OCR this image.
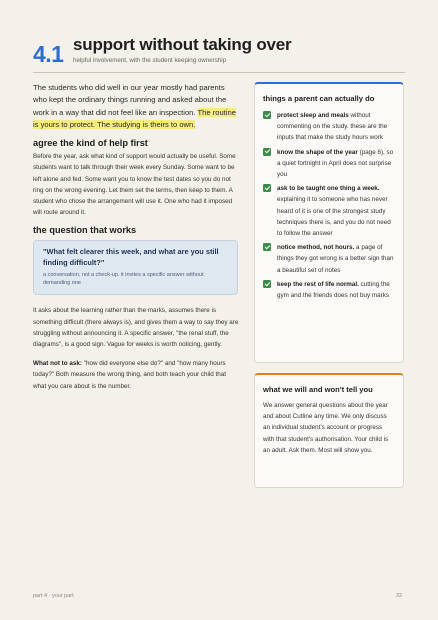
4.1 support without taking over
helpful involvement, with the student keeping ownership

The students who did well in our year mostly had parents who kept the ordinary things running and asked about the work in a way that did not feel like an inspection. The routine is yours to protect. The studying is theirs to own.

agree the kind of help first

Before the year, ask what kind of support would actually be useful. Some students want to talk through their week every Sunday. Some want to be left alone and fed. Some want you to know the test dates so you do not ring on the wrong evening. Let them set the terms, then keep to them. A student who chose the arrangement will use it. One who had it imposed will route around it.

the question that works
"What felt clearer this week, and what are you still finding difficult?"
a conversation, not a check-up. it invites a specific answer without demanding one

It asks about the learning rather than the marks, assumes there is something difficult (there always is), and gives them a way to say they are struggling without announcing it. A specific answer, "the renal stuff, the diagrams", is a good sign. Vague for weeks is worth noticing, gently.

What not to ask: "how did everyone else do?" and "how many hours today?" Both measure the wrong thing, and both teach your child that what you care about is the number.

things a parent can actually do
protect sleep and meals without commenting on the study. these are the inputs that make the study hours work
know the shape of the year (page 6), so a quiet fortnight in April does not surprise you
ask to be taught one thing a week. explaining it to someone who has never heard of it is one of the strongest study techniques there is, and you do not need to follow the answer
notice method, not hours. a page of things they got wrong is a better sign than a beautiful set of notes
keep the rest of life normal. cutting the gym and the friends does not buy marks
what we will and won't tell you

We answer general questions about the year and about Cutline any time. We only discuss an individual student's account or progress with that student's authorisation. Your child is an adult. Ask them. Most will show you.

part 4 · your part	22
